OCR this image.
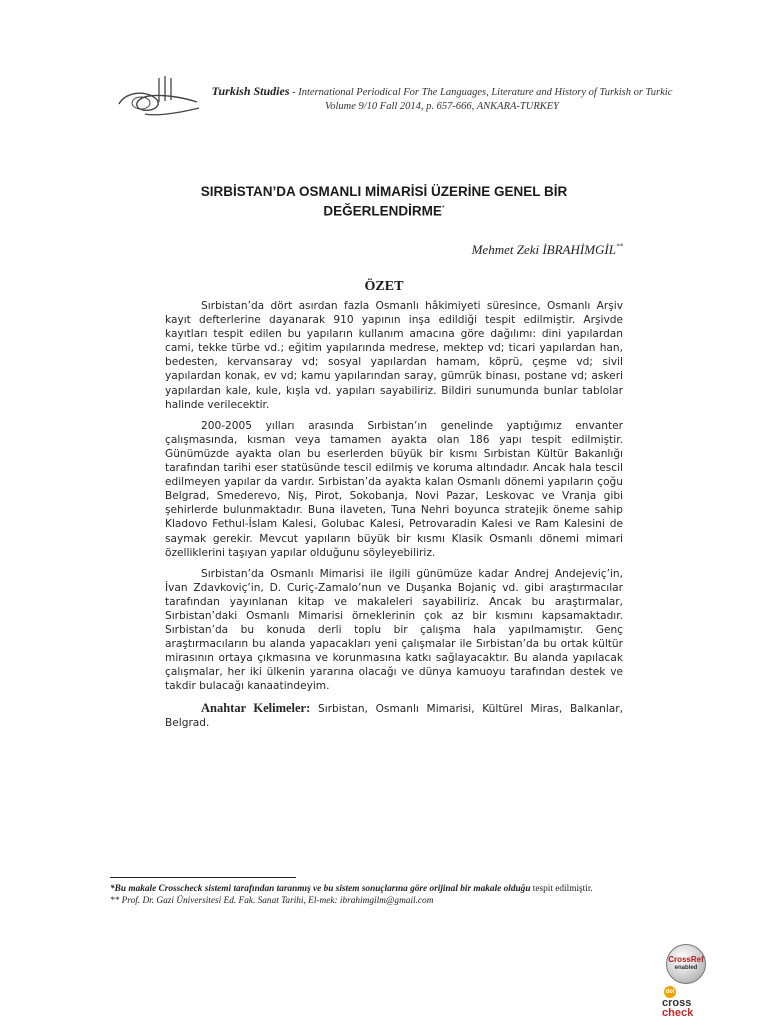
Turkish Studies - International Periodical For The Languages, Literature and History of Turkish or Turkic
Volume 9/10 Fall 2014, p. 657-666, ANKARA-TURKEY
SIRBİSTAN’DA OSMANLI MİMARİSİ ÜZERİNE GENEL BİR DEĞERLENDİRME*
Mehmet Zeki İBRAHİMGİL**
ÖZET

Sırbistan’da dört asırdan fazla Osmanlı hâkimiyeti süresince, Osmanlı Arşiv kayıt defterlerine dayanarak 910 yapının inşa edildiği tespit edilmiştir. Arşivde kayıtları tespit edilen bu yapıların kullanım amacına göre dağılımı: dini yapılardan cami, tekke türbe vd.; eğitim yapılarında medrese, mektep vd; ticari yapılardan han, bedesten, kervansaray vd; sosyal yapılardan hamam, köprü, çeşme vd; sivil yapılardan konak, ev vd; kamu yapılarından saray, gümrük binası, postane vd; askeri yapılardan kale, kule, kışla vd. yapıları sayabiliriz. Bildiri sunumunda bunlar tablolar halinde verilecektir.

200-2005 yılları arasında Sırbistan’ın genelinde yaptığımız envanter çalışmasında, kısman veya tamamen ayakta olan 186 yapı tespit edilmiştir. Günümüzde ayakta olan bu eserlerden büyük bir kısmı Sırbistan Kültür Bakanlığı tarafından tarihi eser statüsünde tescil edilmiş ve koruma altındadır. Ancak hala tescil edilmeyen yapılar da vardır. Sırbistan’da ayakta kalan Osmanlı dönemi yapıların çoğu Belgrad, Smederevo, Niş, Pirot, Sokobanja, Novi Pazar, Leskovac ve Vranja gibi şehirlerde bulunmaktadır. Buna ilaveten, Tuna Nehri boyunca stratejik öneme sahip Kladovo Fethul-İslam Kalesi, Golubac Kalesi, Petrovaradin Kalesi ve Ram Kalesini de saymak gerekir. Mevcut yapıların büyük bir kısmı Klasik Osmanlı dönemi mimari özelliklerini taşıyan yapılar olduğunu söyleyebiliriz.

Sırbistan’da Osmanlı Mimarisi ile ilgili günümüze kadar Andrej Andejeviç’in, İvan Zdavkoviç’in, D. Curiç-Zamalo’nun ve Duşanka Bojaniç vd. gibi araştırmacılar tarafından yayınlanan kitap ve makaleleri sayabiliriz. Ancak bu araştırmalar, Sırbistan’daki Osmanlı Mimarisi örneklerinin çok az bir kısmını kapsamaktadır. Sırbistan’da bu konuda derli toplu bir çalışma hala yapılmamıştır. Genç araştırmacıların bu alanda yapacakları yeni çalışmalar ile Sırbistan’da bu ortak kültür mirasının ortaya çıkmasına ve korunmasına katkı sağlayacaktır. Bu alanda yapılacak çalışmalar, her iki ülkenin yararına olacağı ve dünya kamuoyu tarafından destek ve takdir bulacağı kanaatindeyim.

Anahtar Kelimeler: Sırbistan, Osmanlı Mimarisi, Kültürel Miras, Balkanlar, Belgrad.

*Bu makale Crosscheck sistemi tarafından taranmış ve bu sistem sonuçlarına göre orijinal bir makale olduğu tespit edilmiştir.
** Prof. Dr. Gazi Üniversitesi Ed. Fak. Sanat Tarihi, El-mek: ibrahimgilm@gmail.com
CrossRef
enabled
doi
cross
check
